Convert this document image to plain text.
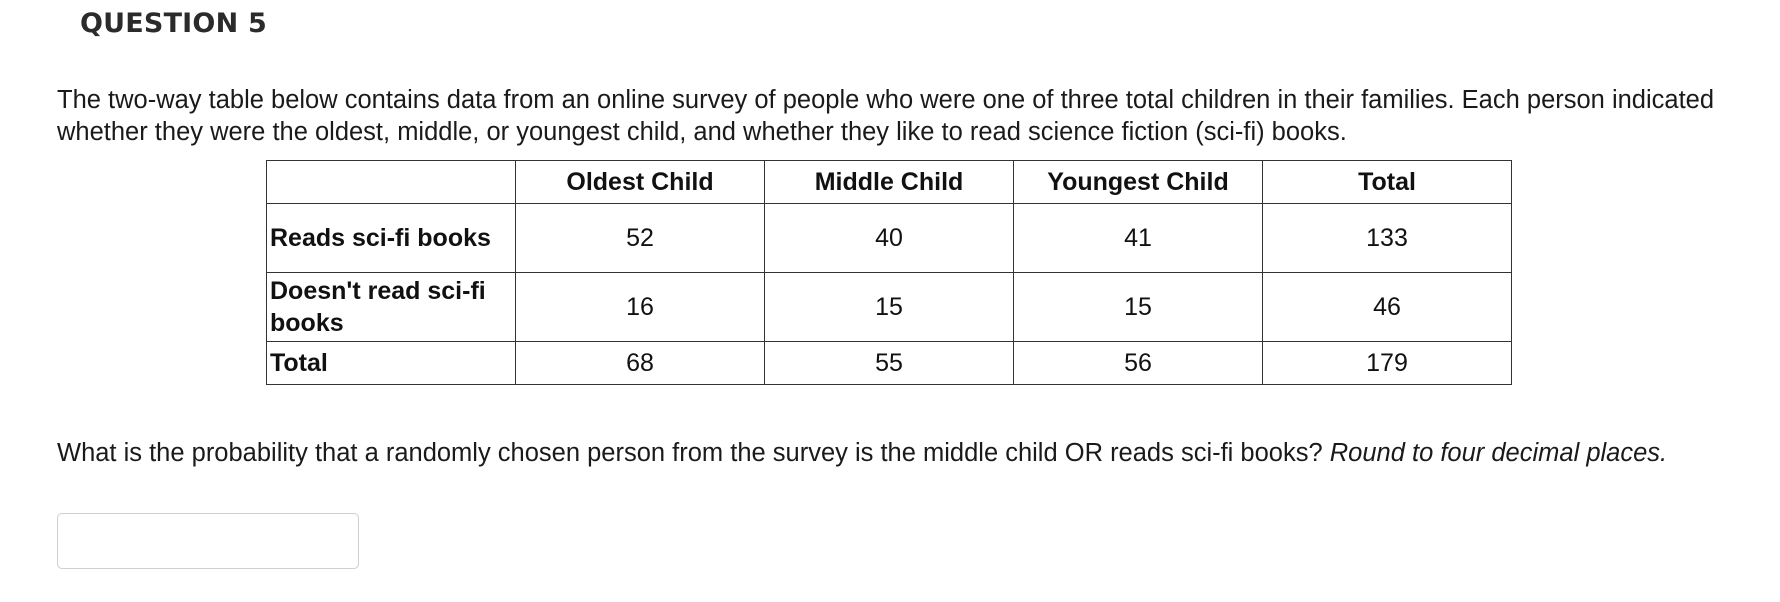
QUESTION 5
The two-way table below contains data from an online survey of people who were one of three total children in their families. Each person indicated whether they were the oldest, middle, or youngest child, and whether they like to read science fiction (sci-fi) books.
	Oldest Child	Middle Child	Youngest Child	Total
Reads sci-fi books	52	40	41	133
Doesn't read sci-fi books	16	15	15	46
Total	68	55	56	179
What is the probability that a randomly chosen person from the survey is the middle child OR reads sci-fi books? Round to four decimal places.
